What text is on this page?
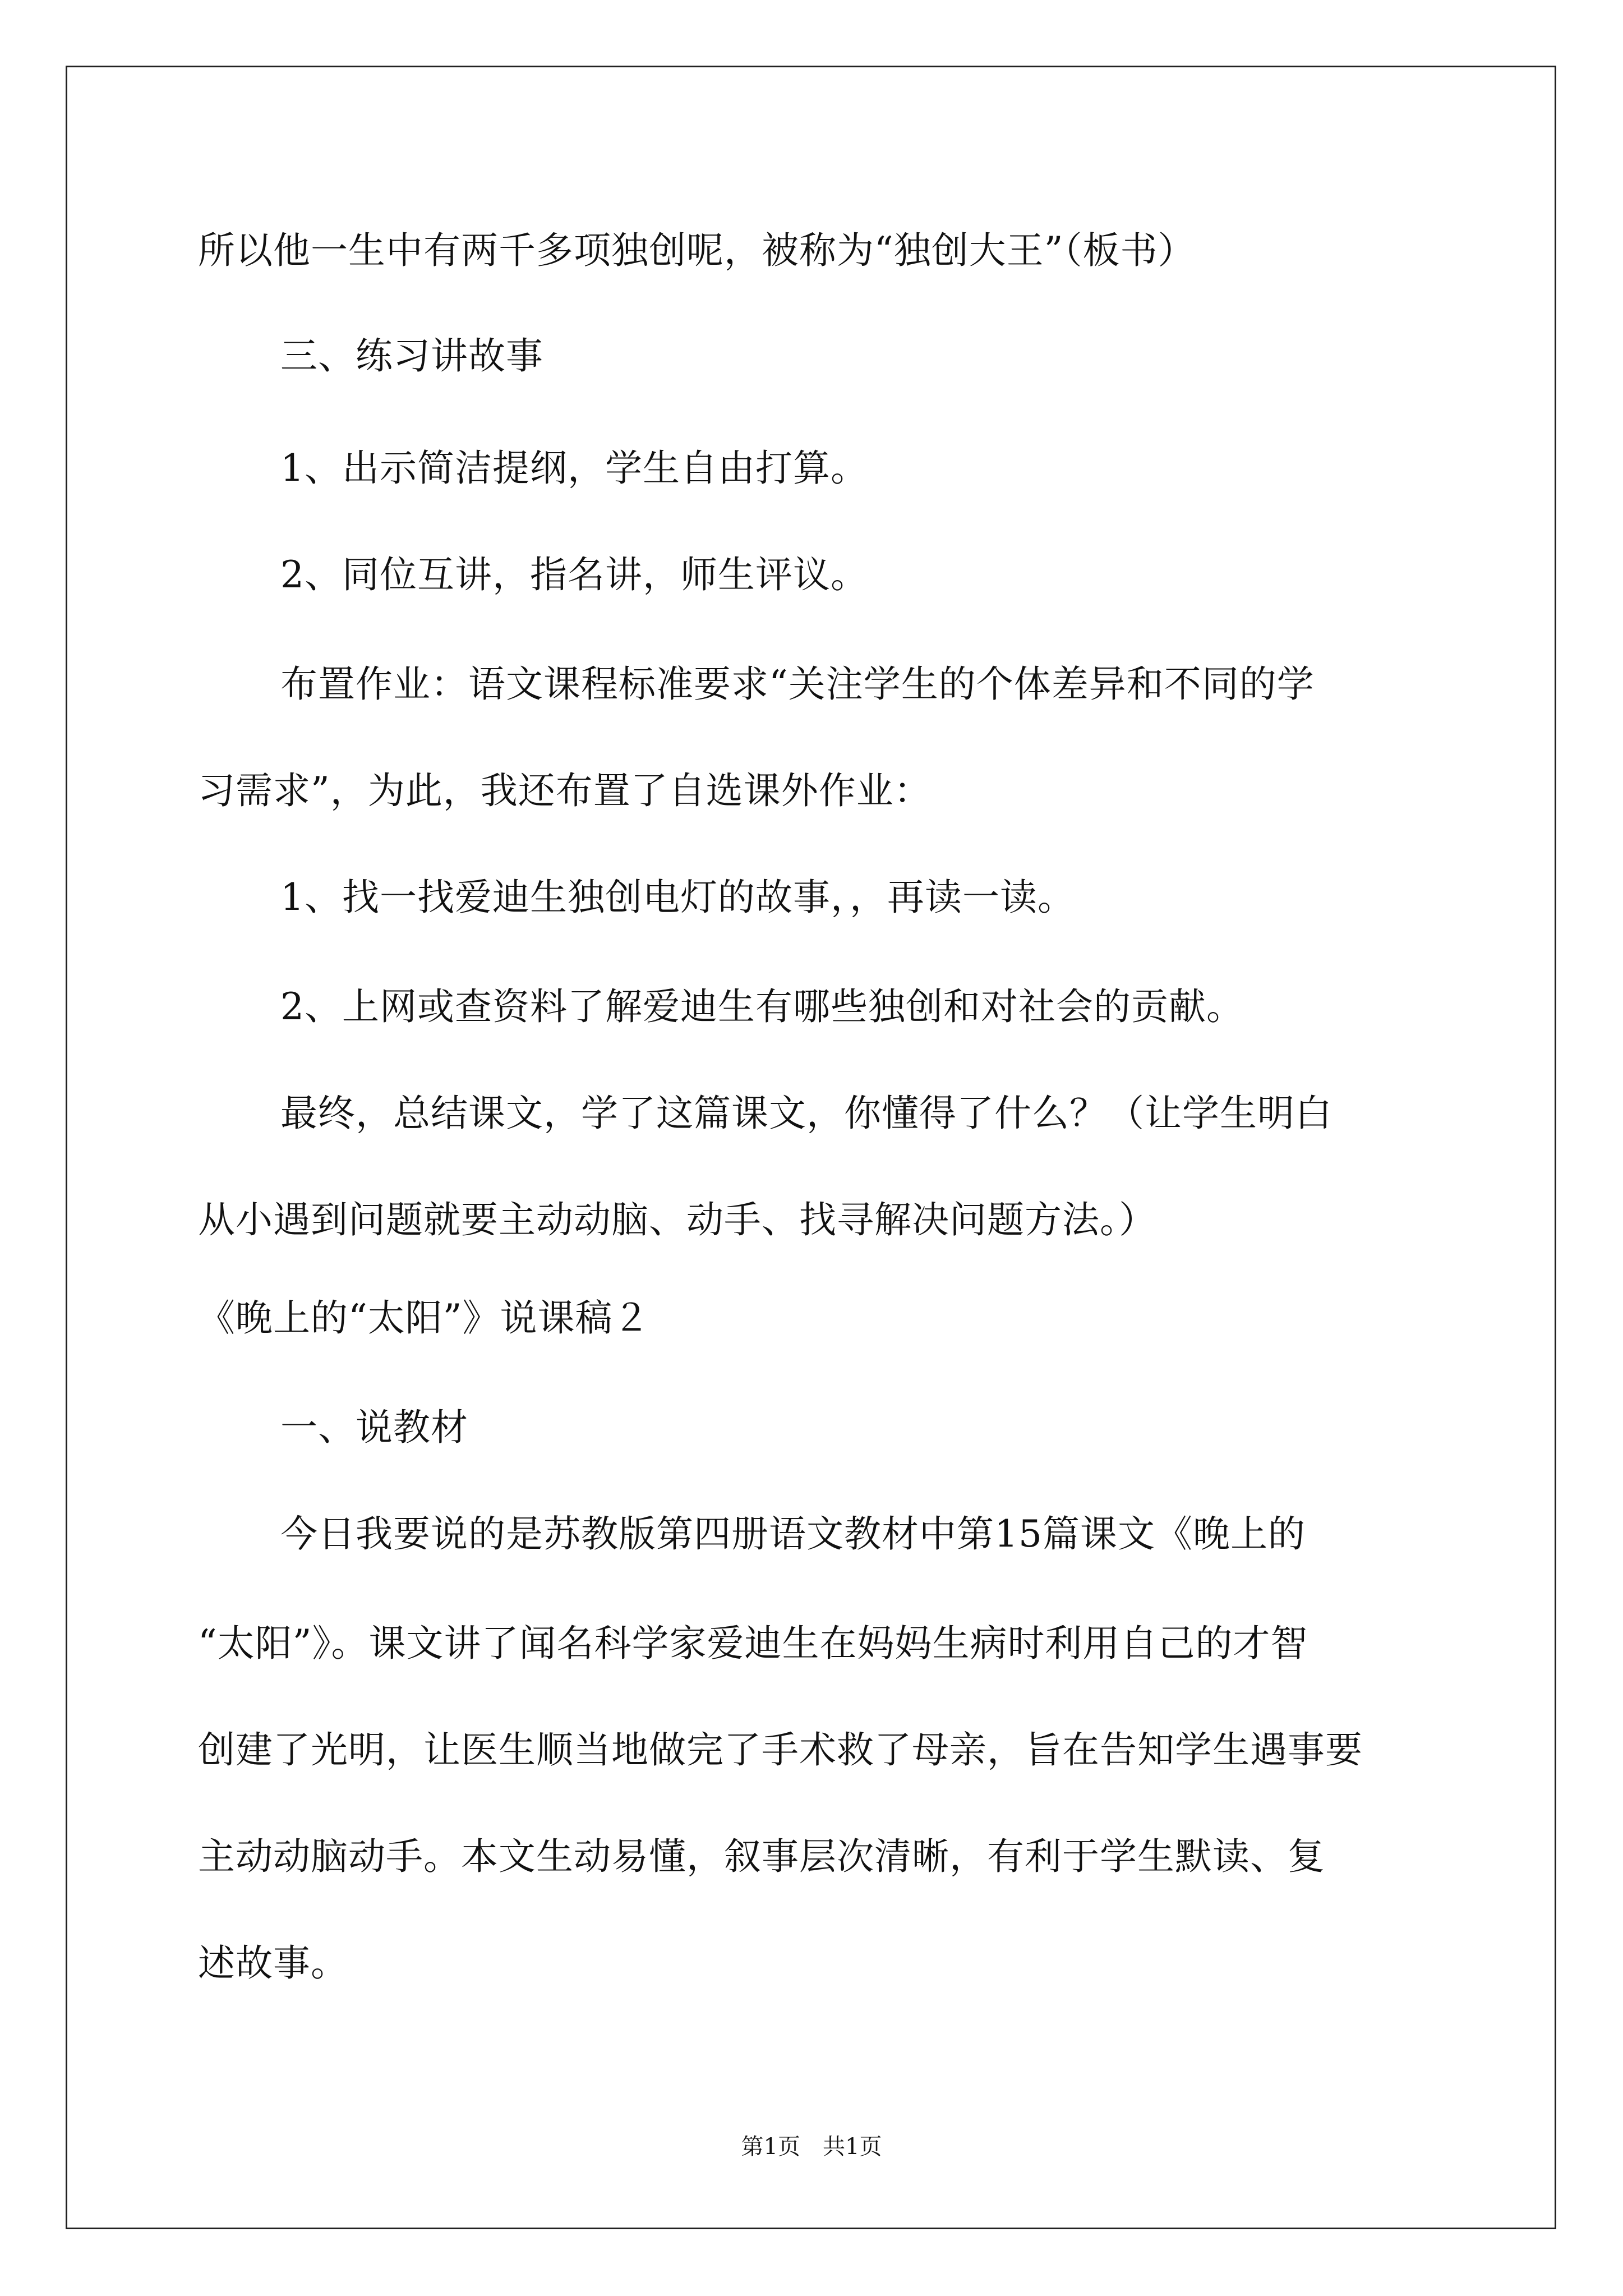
所以他一生中有两千多项独创呢，被称为“独创大王”（板书）
三、练习讲故事
1、出示简洁提纲，学生自由打算。
2、同位互讲，指名讲，师生评议。
布置作业：语文课程标准要求“关注学生的个体差异和不同的学
习需求”，为此，我还布置了自选课外作业：
1、找一找爱迪生独创电灯的故事，，再读一读。
2、上网或查资料了解爱迪生有哪些独创和对社会的贡献。
最终，总结课文，学了这篇课文，你懂得了什么？（让学生明白
从小遇到问题就要主动动脑、动手、找寻解决问题方法。）
《晚上的“太阳”》说课稿２
一、说教材
今日我要说的是苏教版第四册语文教材中第15篇课文《晚上的
“太阳”》。课文讲了闻名科学家爱迪生在妈妈生病时利用自己的才智
创建了光明，让医生顺当地做完了手术救了母亲，旨在告知学生遇事要
主动动脑动手。本文生动易懂，叙事层次清晰，有利于学生默读、复
述故事。
第1页　共1页
